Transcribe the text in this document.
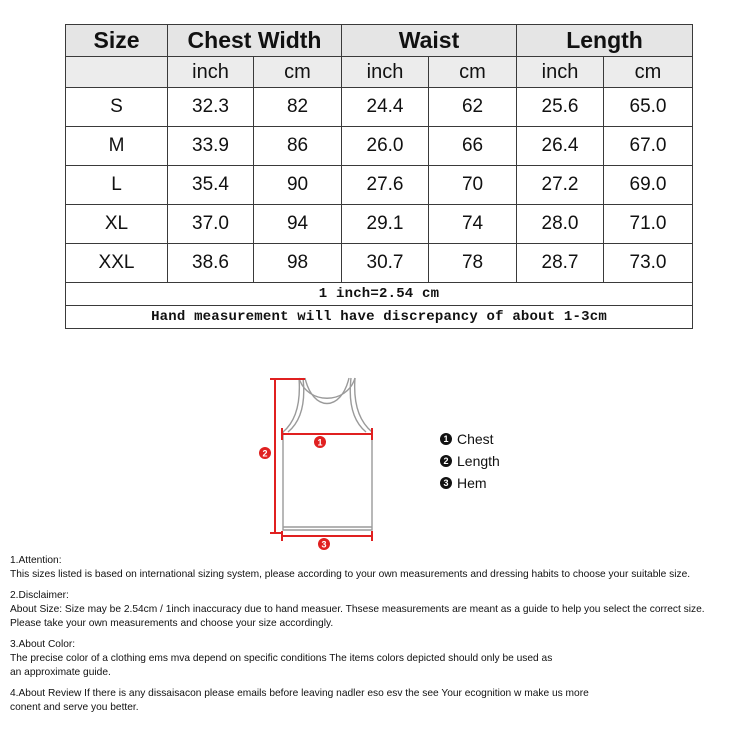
Size	Chest Width		Waist		Length	
	inch	cm	inch	cm	inch	cm
S	32.3	82	24.4	62	25.6	65.0
M	33.9	86	26.0	66	26.4	67.0
L	35.4	90	27.6	70	27.2	69.0
XL	37.0	94	29.1	74	28.0	71.0
XXL	38.6	98	30.7	78	28.7	73.0
1 inch=2.54 cm						
Hand measurement will have discrepancy of about 1-3cm						
1
2
3
1 Chest
2 Length
3 Hem
1.Attention:
This sizes listed is based on international sizing system, please according to your own measurements and dressing habits to choose your suitable size.
2.Disclaimer:
About Size: Size may be 2.54cm / 1inch inaccuracy due to hand measuer. Thsese measurements are meant as a guide to help you select the correct size.
Please take your own measurements and choose your size accordingly.
3.About Color:
The precise color of a clothing ems mva depend on specific conditions The items colors depicted should only be used as
an approximate guide.
4.About Review If there is any dissaisacon please emails before leaving nadler eso esv the see Your ecognition w make us more
conent and serve you better.
